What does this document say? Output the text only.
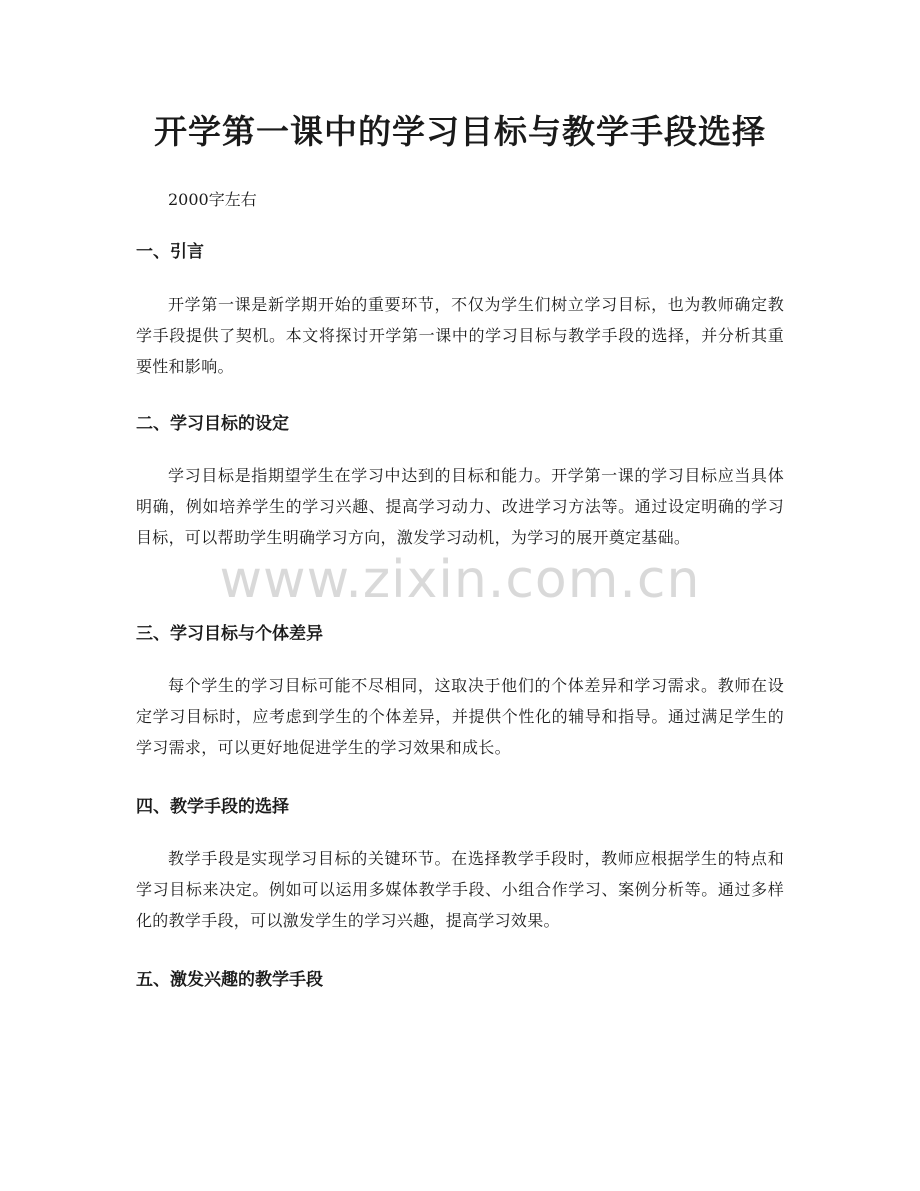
开学第一课中的学习目标与教学手段选择

2000字左右

一、引言

开学第一课是新学期开始的重要环节，不仅为学生们树立学习目标，也为教师确定教学手段提供了契机。本文将探讨开学第一课中的学习目标与教学手段的选择，并分析其重要性和影响。

二、学习目标的设定

学习目标是指期望学生在学习中达到的目标和能力。开学第一课的学习目标应当具体明确，例如培养学生的学习兴趣、提高学习动力、改进学习方法等。通过设定明确的学习目标，可以帮助学生明确学习方向，激发学习动机，为学习的展开奠定基础。

三、学习目标与个体差异

每个学生的学习目标可能不尽相同，这取决于他们的个体差异和学习需求。教师在设定学习目标时，应考虑到学生的个体差异，并提供个性化的辅导和指导。通过满足学生的学习需求，可以更好地促进学生的学习效果和成长。

四、教学手段的选择

教学手段是实现学习目标的关键环节。在选择教学手段时，教师应根据学生的特点和学习目标来决定。例如可以运用多媒体教学手段、小组合作学习、案例分析等。通过多样化的教学手段，可以激发学生的学习兴趣，提高学习效果。

五、激发兴趣的教学手段
www.zixin.com.cn
